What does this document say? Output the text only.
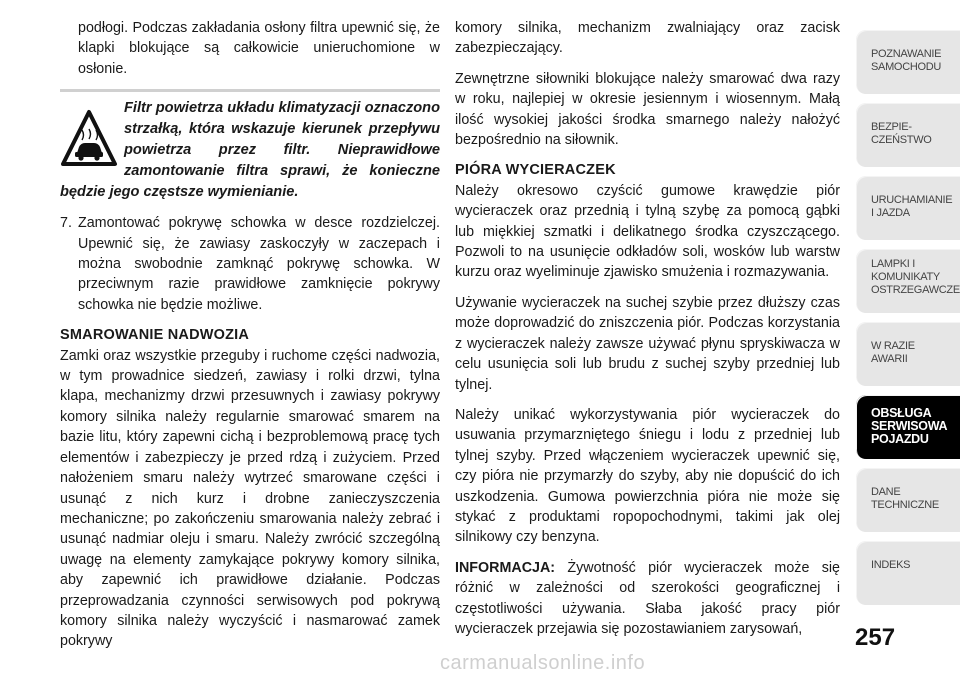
podłogi. Podczas zakładania osłony filtra upewnić się, że klapki blokujące są całkowicie unieruchomione w osłonie.

Filtr powietrza układu klimatyzacji oznaczono strzałką, która wskazuje kierunek przepływu powietrza przez filtr. Nieprawidłowe zamontowanie filtra sprawi, że konieczne będzie jego częstsze wymienianie.

7. Zamontować pokrywę schowka w desce rozdzielczej. Upewnić się, że zawiasy zaskoczyły w zaczepach i można swobodnie zamknąć pokrywę schowka. W przeciwnym razie prawidłowe zamknięcie pokrywy schowka nie będzie możliwe.

SMAROWANIE NADWOZIA

Zamki oraz wszystkie przeguby i ruchome części nadwozia, w tym prowadnice siedzeń, zawiasy i rolki drzwi, tylna klapa, mechanizmy drzwi przesuwnych i zawiasy pokrywy komory silnika należy regularnie smarować smarem na bazie litu, który zapewni cichą i bezproblemową pracę tych elementów i zabezpieczy je przed rdzą i zużyciem. Przed nałożeniem smaru należy wytrzeć smarowane części i usunąć z nich kurz i drobne zanieczyszczenia mechaniczne; po zakończeniu smarowania należy zebrać i usunąć nadmiar oleju i smaru. Należy zwrócić szczególną uwagę na elementy zamykające pokrywy komory silnika, aby zapewnić ich prawidłowe działanie. Podczas przeprowadzania czynności serwisowych pod pokrywą komory silnika należy wyczyścić i nasmarować zamek pokrywy

komory silnika, mechanizm zwalniający oraz zacisk zabezpieczający.

Zewnętrzne siłowniki blokujące należy smarować dwa razy w roku, najlepiej w okresie jesiennym i wiosennym. Małą ilość wysokiej jakości środka smarnego należy nałożyć bezpośrednio na siłownik.

PIÓRA WYCIERACZEK

Należy okresowo czyścić gumowe krawędzie piór wycieraczek oraz przednią i tylną szybę za pomocą gąbki lub miękkiej szmatki i delikatnego środka czyszczącego. Pozwoli to na usunięcie odkładów soli, wosków lub warstw kurzu oraz wyeliminuje zjawisko smużenia i rozmazywania.

Używanie wycieraczek na suchej szybie przez dłuższy czas może doprowadzić do zniszczenia piór. Podczas korzystania z wycieraczek należy zawsze używać płynu spryskiwacza w celu usunięcia soli lub brudu z suchej szyby przedniej lub tylnej.

Należy unikać wykorzystywania piór wycieraczek do usuwania przymarzniętego śniegu i lodu z przedniej lub tylnej szyby. Przed włączeniem wycieraczek upewnić się, czy pióra nie przymarzły do szyby, aby nie dopuścić do ich uszkodzenia. Gumowa powierzchnia pióra nie może się stykać z produktami ropopochodnymi, takimi jak olej silnikowy czy benzyna.

INFORMACJA: Żywotność piór wycieraczek może się różnić w zależności od szerokości geograficznej i częstotliwości używania. Słaba jakość pracy piór wycieraczek przejawia się pozostawianiem zarysowań,

POZNAWANIE
SAMOCHODU
BEZPIE-
CZEŃSTWO
URUCHAMIANIE
I JAZDA
LAMPKI I
KOMUNIKATY
OSTRZEGAWCZE
W RAZIE
AWARII
OBSŁUGA
SERWISOWA
POJAZDU
DANE
TECHNICZNE
INDEKS
257
carmanualsonline.info
